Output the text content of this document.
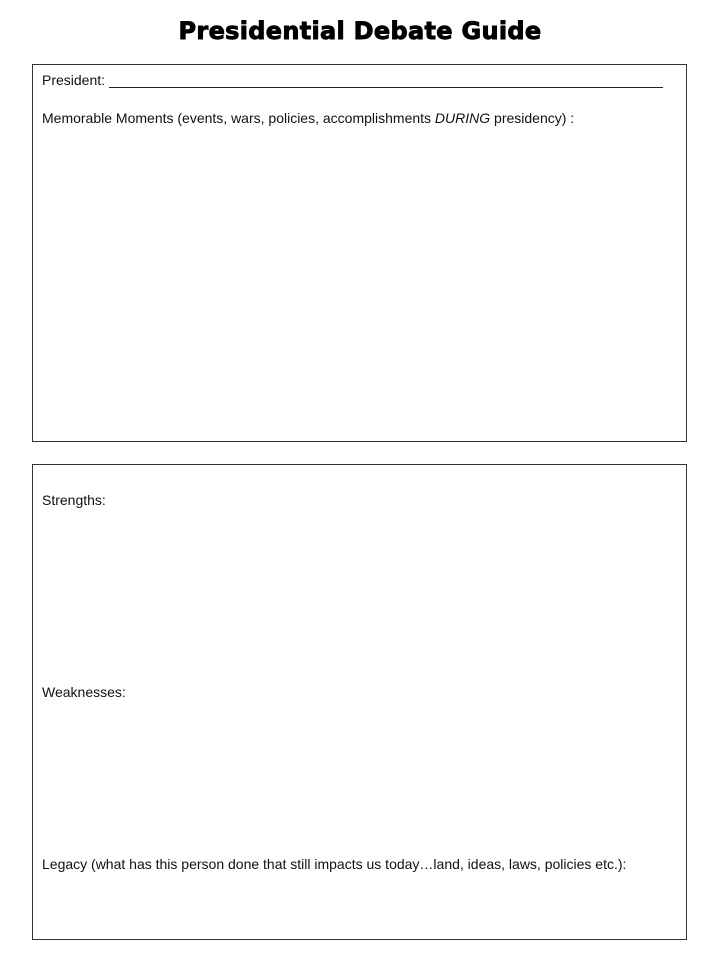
Presidential Debate Guide
President:
Memorable Moments (events, wars, policies, accomplishments DURING presidency) :
Strengths:
Weaknesses:
Legacy (what has this person done that still impacts us today…land, ideas, laws, policies etc.):
